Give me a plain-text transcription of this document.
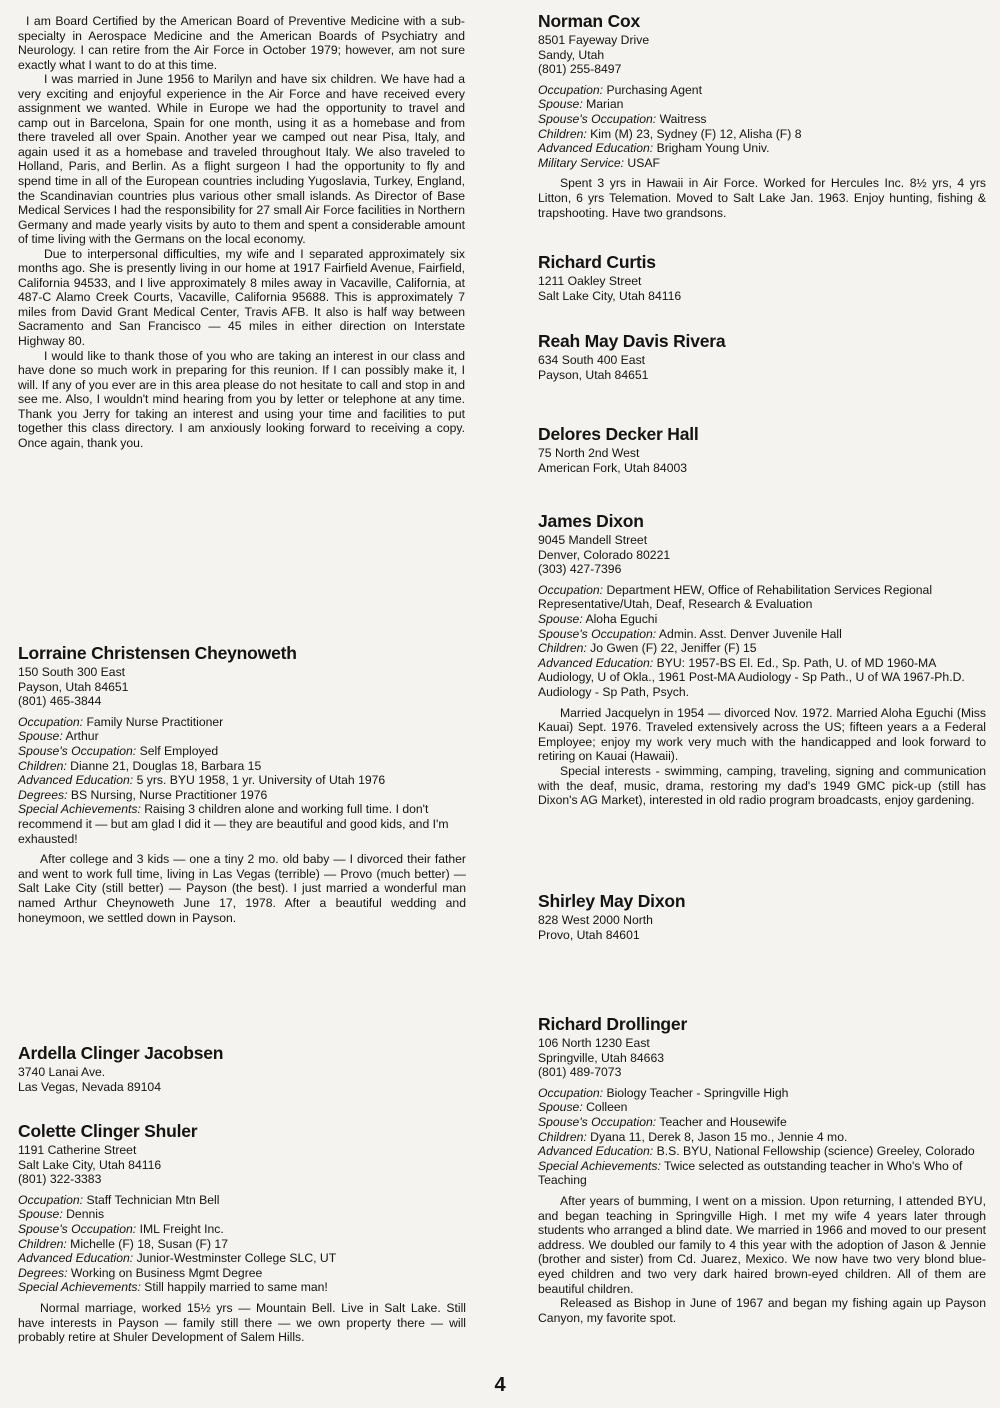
I am Board Certified by the American Board of Preventive Medicine with a sub-specialty in Aerospace Medicine and the American Boards of Psychiatry and Neurology. I can retire from the Air Force in October 1979; however, am not sure exactly what I want to do at this time.

I was married in June 1956 to Marilyn and have six children. We have had a very exciting and enjoyful experience in the Air Force and have received every assignment we wanted. While in Europe we had the opportunity to travel and camp out in Barcelona, Spain for one month, using it as a homebase and from there traveled all over Spain. Another year we camped out near Pisa, Italy, and again used it as a homebase and traveled throughout Italy. We also traveled to Holland, Paris, and Berlin. As a flight surgeon I had the opportunity to fly and spend time in all of the European countries including Yugoslavia, Turkey, England, the Scandinavian countries plus various other small islands. As Director of Base Medical Services I had the responsibility for 27 small Air Force facilities in Northern Germany and made yearly visits by auto to them and spent a considerable amount of time living with the Germans on the local economy.

Due to interpersonal difficulties, my wife and I separated approximately six months ago. She is presently living in our home at 1917 Fairfield Avenue, Fairfield, California 94533, and I live approximately 8 miles away in Vacaville, California, at 487-C Alamo Creek Courts, Vacaville, California 95688. This is approximately 7 miles from David Grant Medical Center, Travis AFB. It also is half way between Sacramento and San Francisco — 45 miles in either direction on Interstate Highway 80.

I would like to thank those of you who are taking an interest in our class and have done so much work in preparing for this reunion. If I can possibly make it, I will. If any of you ever are in this area please do not hesitate to call and stop in and see me. Also, I wouldn't mind hearing from you by letter or telephone at any time. Thank you Jerry for taking an interest and using your time and facilities to put together this class directory. I am anxiously looking forward to receiving a copy. Once again, thank you.

Lorraine Christensen Cheynoweth
150 South 300 East
Payson, Utah 84651
(801) 465-3844
Occupation: Family Nurse Practitioner
Spouse: Arthur
Spouse's Occupation: Self Employed
Children: Dianne 21, Douglas 18, Barbara 15
Advanced Education: 5 yrs. BYU 1958, 1 yr. University of Utah 1976
Degrees: BS Nursing, Nurse Practitioner 1976
Special Achievements: Raising 3 children alone and working full time. I don't recommend it — but am glad I did it — they are beautiful and good kids, and I'm exhausted!

After college and 3 kids — one a tiny 2 mo. old baby — I divorced their father and went to work full time, living in Las Vegas (terrible) — Provo (much better) — Salt Lake City (still better) — Payson (the best). I just married a wonderful man named Arthur Cheynoweth June 17, 1978. After a beautiful wedding and honeymoon, we settled down in Payson.

Ardella Clinger Jacobsen
3740 Lanai Ave.
Las Vegas, Nevada 89104
Colette Clinger Shuler
1191 Catherine Street
Salt Lake City, Utah 84116
(801) 322-3383
Occupation: Staff Technician Mtn Bell
Spouse: Dennis
Spouse's Occupation: IML Freight Inc.
Children: Michelle (F) 18, Susan (F) 17
Advanced Education: Junior-Westminster College SLC, UT
Degrees: Working on Business Mgmt Degree
Special Achievements: Still happily married to same man!

Normal marriage, worked 15½ yrs — Mountain Bell. Live in Salt Lake. Still have interests in Payson — family still there — we own property there — will probably retire at Shuler Development of Salem Hills.

Norman Cox
8501 Fayeway Drive
Sandy, Utah
(801) 255-8497
Occupation: Purchasing Agent
Spouse: Marian
Spouse's Occupation: Waitress
Children: Kim (M) 23, Sydney (F) 12, Alisha (F) 8
Advanced Education: Brigham Young Univ.
Military Service: USAF

Spent 3 yrs in Hawaii in Air Force. Worked for Hercules Inc. 8½ yrs, 4 yrs Litton, 6 yrs Telemation. Moved to Salt Lake Jan. 1963. Enjoy hunting, fishing & trapshooting. Have two grandsons.

Richard Curtis
1211 Oakley Street
Salt Lake City, Utah 84116
Reah May Davis Rivera
634 South 400 East
Payson, Utah 84651
Delores Decker Hall
75 North 2nd West
American Fork, Utah 84003
James Dixon
9045 Mandell Street
Denver, Colorado 80221
(303) 427-7396
Occupation: Department HEW, Office of Rehabilitation Services Regional Representative/Utah, Deaf, Research & Evaluation
Spouse: Aloha Eguchi
Spouse's Occupation: Admin. Asst. Denver Juvenile Hall
Children: Jo Gwen (F) 22, Jeniffer (F) 15
Advanced Education: BYU: 1957-BS El. Ed., Sp. Path, U. of MD 1960-MA Audiology, U of Okla., 1961 Post-MA Audiology - Sp Path., U of WA 1967-Ph.D. Audiology - Sp Path, Psych.

Married Jacquelyn in 1954 — divorced Nov. 1972. Married Aloha Eguchi (Miss Kauai) Sept. 1976. Traveled extensively across the US; fifteen years a a Federal Employee; enjoy my work very much with the handicapped and look forward to retiring on Kauai (Hawaii).

Special interests - swimming, camping, traveling, signing and communication with the deaf, music, drama, restoring my dad's 1949 GMC pick-up (still has Dixon's AG Market), interested in old radio program broadcasts, enjoy gardening.

Shirley May Dixon
828 West 2000 North
Provo, Utah 84601
Richard Drollinger
106 North 1230 East
Springville, Utah 84663
(801) 489-7073
Occupation: Biology Teacher - Springville High
Spouse: Colleen
Spouse's Occupation: Teacher and Housewife
Children: Dyana 11, Derek 8, Jason 15 mo., Jennie 4 mo.
Advanced Education: B.S. BYU, National Fellowship (science) Greeley, Colorado
Special Achievements: Twice selected as outstanding teacher in Who's Who of Teaching

After years of bumming, I went on a mission. Upon returning, I attended BYU, and began teaching in Springville High. I met my wife 4 years later through students who arranged a blind date. We married in 1966 and moved to our present address. We doubled our family to 4 this year with the adoption of Jason & Jennie (brother and sister) from Cd. Juarez, Mexico. We now have two very blond blue-eyed children and two very dark haired brown-eyed children. All of them are beautiful children.

Released as Bishop in June of 1967 and began my fishing again up Payson Canyon, my favorite spot.

4
